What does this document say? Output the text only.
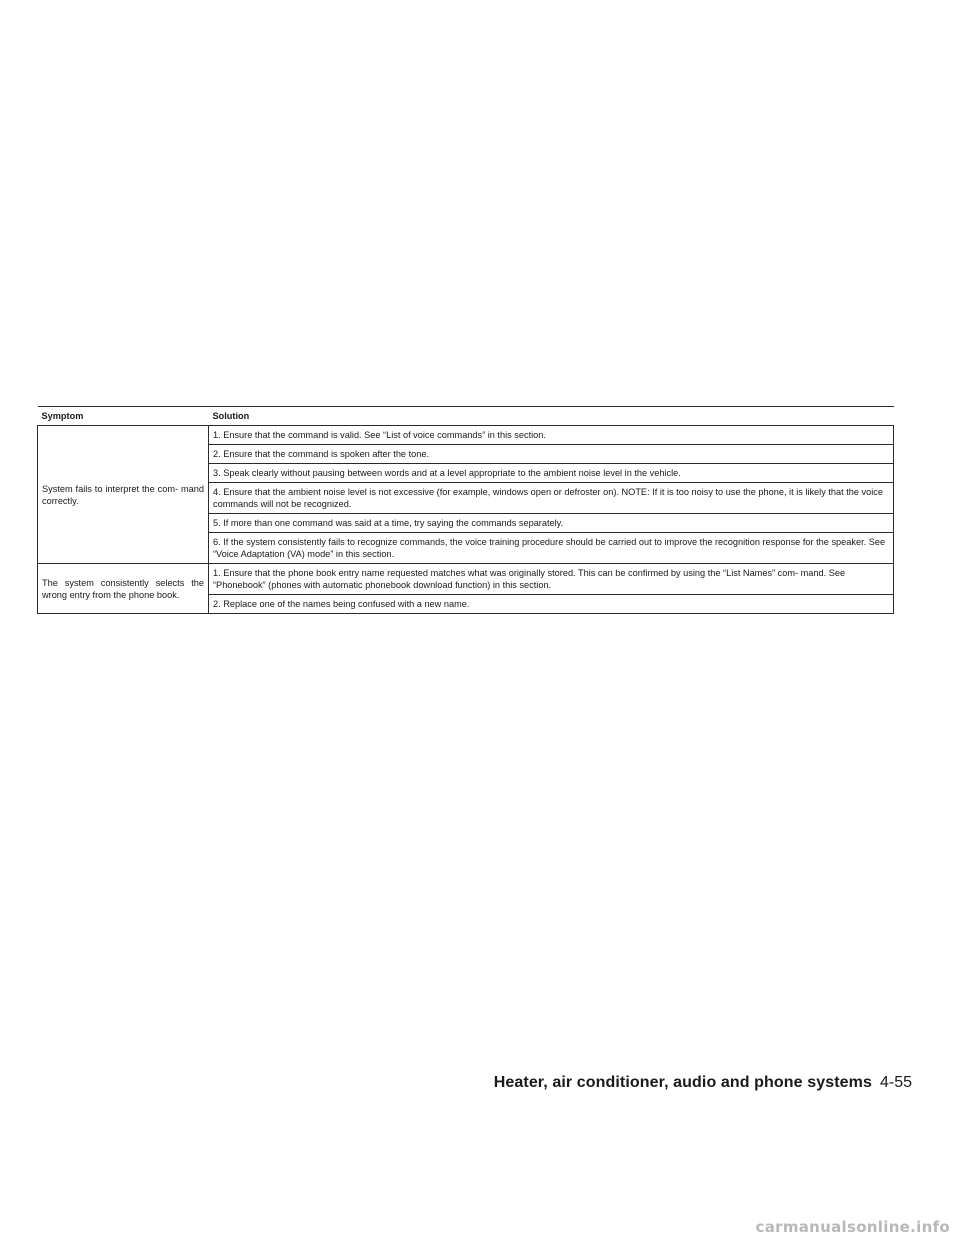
Symptom	Solution
System fails to interpret the com- mand correctly.	1. Ensure that the command is valid. See “List of voice commands” in this section.
	2. Ensure that the command is spoken after the tone.
	3. Speak clearly without pausing between words and at a level appropriate to the ambient noise level in the vehicle.
	4. Ensure that the ambient noise level is not excessive (for example, windows open or defroster on). NOTE: If it is too noisy to use the phone, it is likely that the voice commands will not be recognized.
	5. If more than one command was said at a time, try saying the commands separately.
	6. If the system consistently fails to recognize commands, the voice training procedure should be carried out to improve the recognition response for the speaker. See “Voice Adaptation (VA) mode” in this section.
The system consistently selects the wrong entry from the phone book.	1. Ensure that the phone book entry name requested matches what was originally stored. This can be confirmed by using the “List Names” com- mand. See “Phonebook” (phones with automatic phonebook download function) in this section.
	2. Replace one of the names being confused with a new name.
Heater, air conditioner, audio and phone systems 4-55
carmanualsonline.info
